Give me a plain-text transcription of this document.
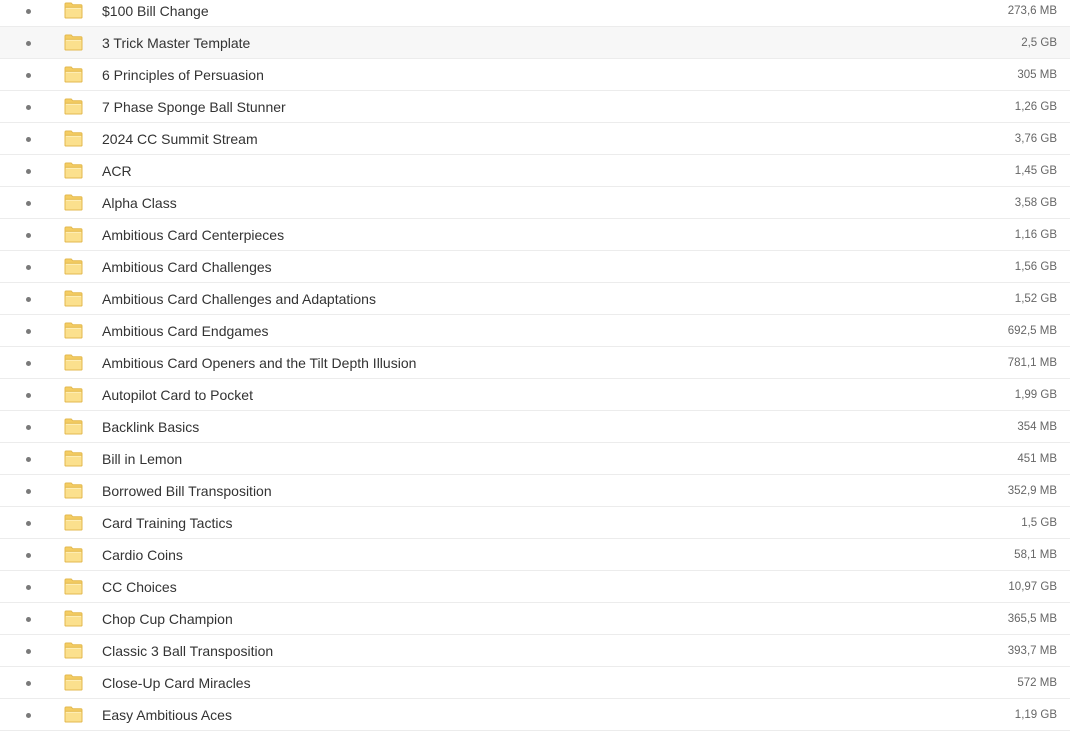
$100 Bill Change	273,6 MB
3 Trick Master Template	2,5 GB
6 Principles of Persuasion	305 MB
7 Phase Sponge Ball Stunner	1,26 GB
2024 CC Summit Stream	3,76 GB
ACR	1,45 GB
Alpha Class	3,58 GB
Ambitious Card Centerpieces	1,16 GB
Ambitious Card Challenges	1,56 GB
Ambitious Card Challenges and Adaptations	1,52 GB
Ambitious Card Endgames	692,5 MB
Ambitious Card Openers and the Tilt Depth Illusion	781,1 MB
Autopilot Card to Pocket	1,99 GB
Backlink Basics	354 MB
Bill in Lemon	451 MB
Borrowed Bill Transposition	352,9 MB
Card Training Tactics	1,5 GB
Cardio Coins	58,1 MB
CC Choices	10,97 GB
Chop Cup Champion	365,5 MB
Classic 3 Ball Transposition	393,7 MB
Close-Up Card Miracles	572 MB
Easy Ambitious Aces	1,19 GB
